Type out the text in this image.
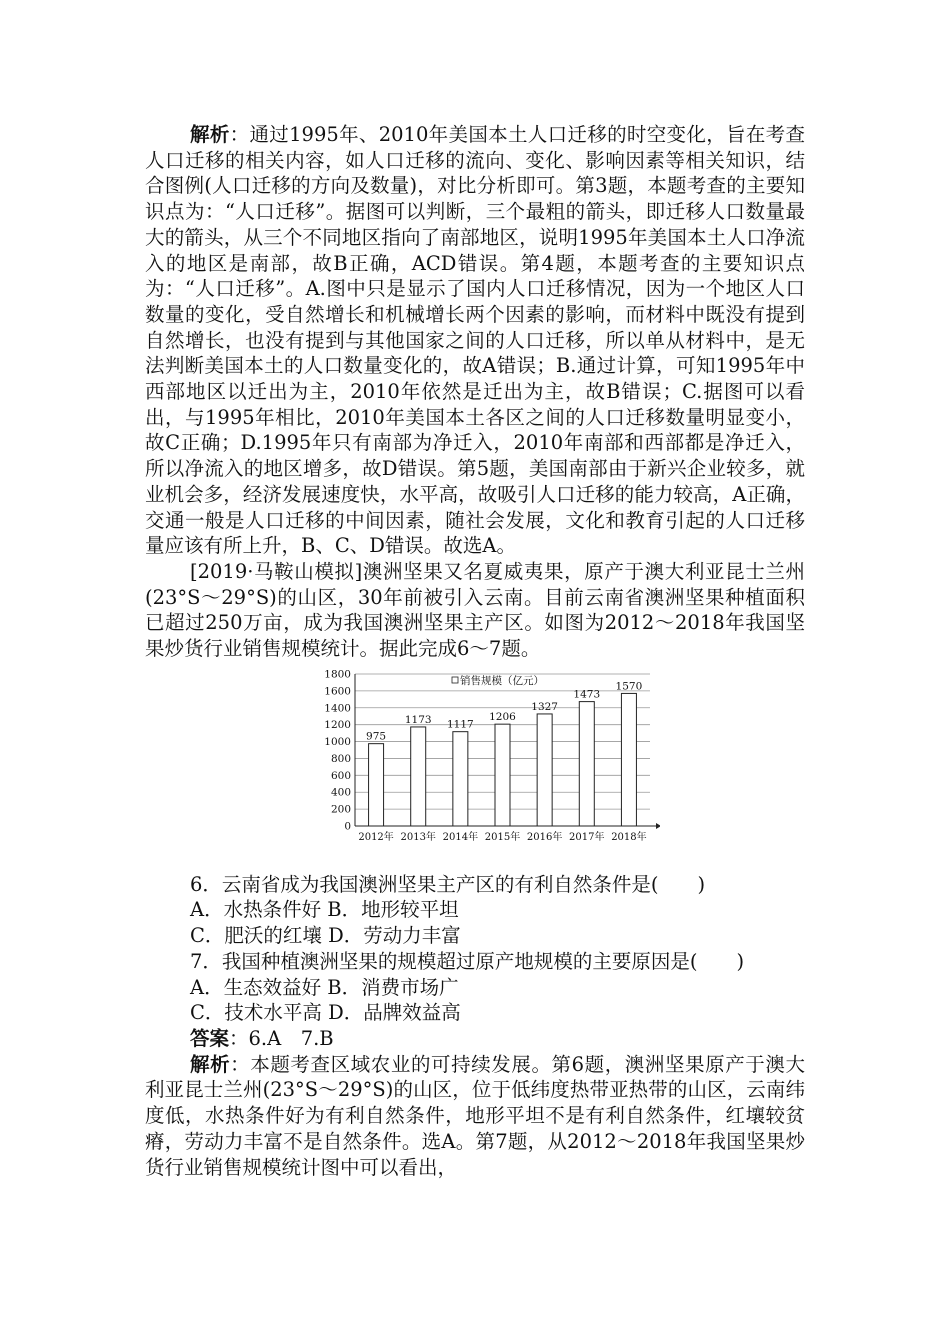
解析：通过1995年、2010年美国本土人口迁移的时空变化，旨在考查人口迁移的相关内容，如人口迁移的流向、变化、影响因素等相关知识，结合图例(人口迁移的方向及数量)，对比分析即可。第3题，本题考查的主要知识点为：“人口迁移”。据图可以判断，三个最粗的箭头，即迁移人口数量最大的箭头，从三个不同地区指向了南部地区，说明1995年美国本土人口净流入的地区是南部，故B正确，ACD错误。第4题，本题考查的主要知识点为：“人口迁移”。A.图中只是显示了国内人口迁移情况，因为一个地区人口数量的变化，受自然增长和机械增长两个因素的影响，而材料中既没有提到自然增长，也没有提到与其他国家之间的人口迁移，所以单从材料中，是无法判断美国本土的人口数量变化的，故A错误；B.通过计算，可知1995年中西部地区以迁出为主，2010年依然是迁出为主，故B错误；C.据图可以看出，与1995年相比，2010年美国本土各区之间的人口迁移数量明显变小，故C正确；D.1995年只有南部为净迁入，2010年南部和西部都是净迁入，所以净流入的地区增多，故D错误。第5题，美国南部由于新兴企业较多，就业机会多，经济发展速度快，水平高，故吸引人口迁移的能力较高，A正确，交通一般是人口迁移的中间因素，随社会发展，文化和教育引起的人口迁移量应该有所上升，B、C、D错误。故选A。

[2019·马鞍山模拟]澳洲坚果又名夏威夷果，原产于澳大利亚昆士兰州(23°S～29°S)的山区，30年前被引入云南。目前云南省澳洲坚果种植面积已超过250万亩，成为我国澳洲坚果主产区。如图为2012～2018年我国坚果炒货行业销售规模统计。据此完成6～7题。

0
200
400
600
800
1000
1200
1400
1600
1800
975
2012年
1173
2013年
1117
2014年
1206
2015年
1327
2016年
1473
2017年
1570
2018年
销售规模（亿元）

6．云南省成为我国澳洲坚果主产区的有利自然条件是(　　)

A．水热条件好 B．地形较平坦

C．肥沃的红壤 D．劳动力丰富

7．我国种植澳洲坚果的规模超过原产地规模的主要原因是(　　)

A．生态效益好 B．消费市场广

C．技术水平高 D．品牌效益高

答案：6.A　7.B

解析：本题考查区域农业的可持续发展。第6题，澳洲坚果原产于澳大利亚昆士兰州(23°S～29°S)的山区，位于低纬度热带亚热带的山区，云南纬度低，水热条件好为有利自然条件，地形平坦不是有利自然条件，红壤较贫瘠，劳动力丰富不是自然条件。选A。第7题，从2012～2018年我国坚果炒货行业销售规模统计图中可以看出，
